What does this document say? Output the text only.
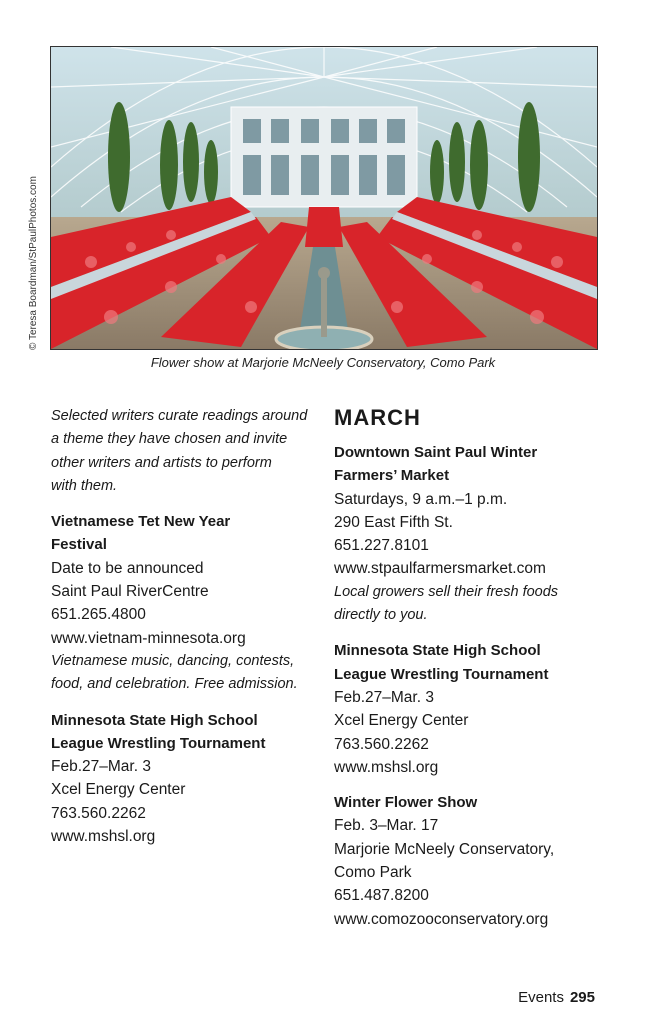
© Teresa Boardman/StPaulPhotos.com
Flower show at Marjorie McNeely Conservatory, Como Park
Selected writers curate readings around
a theme they have chosen and invite
other writers and artists to perform
with them.
Vietnamese Tet New Year
Festival
Date to be announced
Saint Paul RiverCentre
651.265.4800
www.vietnam-minnesota.org
Vietnamese music, dancing, contests,
food, and celebration. Free admission.
Minnesota State High School
League Wrestling Tournament
Feb.27–Mar. 3
Xcel Energy Center
763.560.2262
www.mshsl.org
MARCH
Downtown Saint Paul Winter
Farmers’ Market
Saturdays, 9 a.m.–1 p.m.
290 East Fifth St.
651.227.8101
www.stpaulfarmersmarket.com
Local growers sell their fresh foods
directly to you.
Minnesota State High School
League Wrestling Tournament
Feb.27–Mar. 3
Xcel Energy Center
763.560.2262
www.mshsl.org
Winter Flower Show
Feb. 3–Mar. 17
Marjorie McNeely Conservatory,
Como Park
651.487.8200
www.comozooconservatory.org
Events 295
